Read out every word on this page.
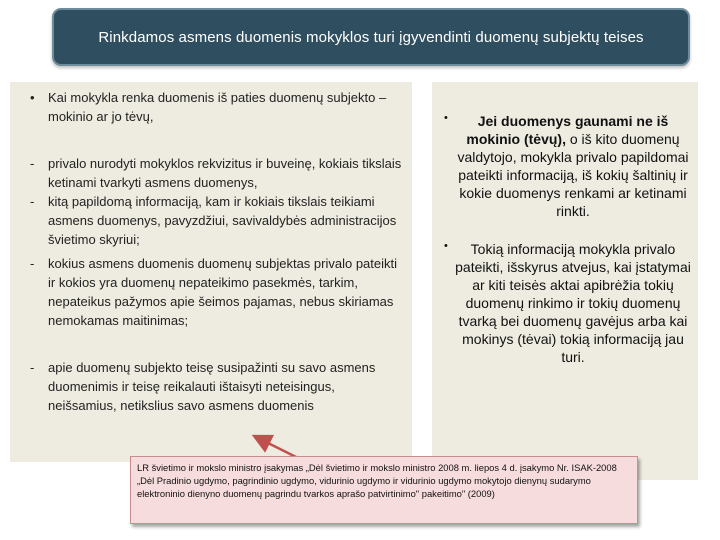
Rinkdamos asmens duomenis mokyklos turi įgyvendinti duomenų subjektų teises
• Kai mokykla renka duomenis iš paties duomenų subjekto – mokinio ar jo tėvų,
- privalo nurodyti mokyklos rekvizitus ir buveinę, kokiais tikslais ketinami tvarkyti asmens duomenys,
- kitą papildomą informaciją, kam ir kokiais tikslais teikiami asmens duomenys, pavyzdžiui, savivaldybės administracijos švietimo skyriui;
- kokius asmens duomenis duomenų subjektas privalo pateikti ir kokios yra duomenų nepateikimo pasekmės, tarkim, nepateikus pažymos apie šeimos pajamas, nebus skiriamas nemokamas maitinimas;
- apie duomenų subjekto teisę susipažinti su savo asmens duomenimis ir teisę reikalauti ištaisyti neteisingus, neišsamius, netikslius savo asmens duomenis
•	Jei duomenys gaunami ne iš mokinio (tėvų), o iš kito duomenų valdytojo, mokykla privalo papildomai pateikti informaciją, iš kokių šaltinių ir kokie duomenys renkami ar ketinami rinkti.
•	Tokią informaciją mokykla privalo pateikti, išskyrus atvejus, kai įstatymai ar kiti teisės aktai apibrėžia tokių duomenų rinkimo ir tokių duomenų tvarką bei duomenų gavėjus arba kai mokinys (tėvai) tokią informaciją jau turi.
LR švietimo ir mokslo ministro įsakymas „Dėl švietimo ir mokslo ministro 2008 m. liepos 4 d. įsakymo Nr. ISAK-2008 „Dėl Pradinio ugdymo, pagrindinio ugdymo, vidurinio ugdymo ir vidurinio ugdymo mokytojo dienynų sudarymo elektroninio dienyno duomenų pagrindu tvarkos aprašo patvirtinimo" pakeitimo" (2009)
